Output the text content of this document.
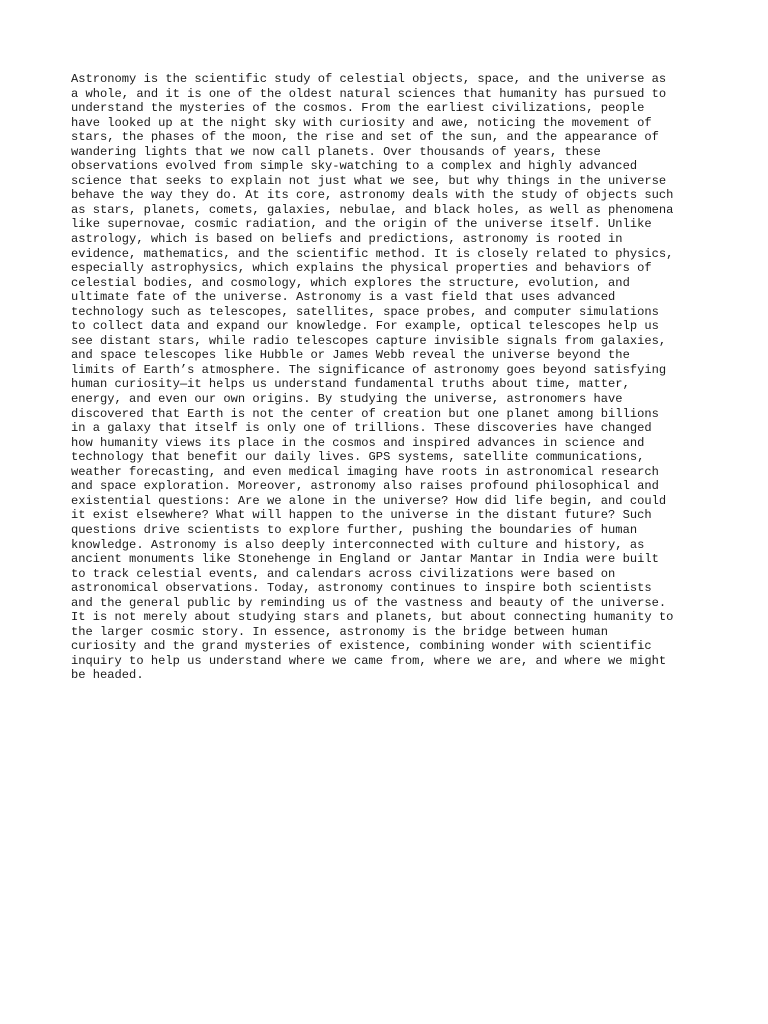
Astronomy is the scientific study of celestial objects, space, and the universe as
a whole, and it is one of the oldest natural sciences that humanity has pursued to
understand the mysteries of the cosmos. From the earliest civilizations, people
have looked up at the night sky with curiosity and awe, noticing the movement of
stars, the phases of the moon, the rise and set of the sun, and the appearance of
wandering lights that we now call planets. Over thousands of years, these
observations evolved from simple sky-watching to a complex and highly advanced
science that seeks to explain not just what we see, but why things in the universe
behave the way they do. At its core, astronomy deals with the study of objects such
as stars, planets, comets, galaxies, nebulae, and black holes, as well as phenomena
like supernovae, cosmic radiation, and the origin of the universe itself. Unlike
astrology, which is based on beliefs and predictions, astronomy is rooted in
evidence, mathematics, and the scientific method. It is closely related to physics,
especially astrophysics, which explains the physical properties and behaviors of
celestial bodies, and cosmology, which explores the structure, evolution, and
ultimate fate of the universe. Astronomy is a vast field that uses advanced
technology such as telescopes, satellites, space probes, and computer simulations
to collect data and expand our knowledge. For example, optical telescopes help us
see distant stars, while radio telescopes capture invisible signals from galaxies,
and space telescopes like Hubble or James Webb reveal the universe beyond the
limits of Earth’s atmosphere. The significance of astronomy goes beyond satisfying
human curiosity—it helps us understand fundamental truths about time, matter,
energy, and even our own origins. By studying the universe, astronomers have
discovered that Earth is not the center of creation but one planet among billions
in a galaxy that itself is only one of trillions. These discoveries have changed
how humanity views its place in the cosmos and inspired advances in science and
technology that benefit our daily lives. GPS systems, satellite communications,
weather forecasting, and even medical imaging have roots in astronomical research
and space exploration. Moreover, astronomy also raises profound philosophical and
existential questions: Are we alone in the universe? How did life begin, and could
it exist elsewhere? What will happen to the universe in the distant future? Such
questions drive scientists to explore further, pushing the boundaries of human
knowledge. Astronomy is also deeply interconnected with culture and history, as
ancient monuments like Stonehenge in England or Jantar Mantar in India were built
to track celestial events, and calendars across civilizations were based on
astronomical observations. Today, astronomy continues to inspire both scientists
and the general public by reminding us of the vastness and beauty of the universe.
It is not merely about studying stars and planets, but about connecting humanity to
the larger cosmic story. In essence, astronomy is the bridge between human
curiosity and the grand mysteries of existence, combining wonder with scientific
inquiry to help us understand where we came from, where we are, and where we might
be headed.
